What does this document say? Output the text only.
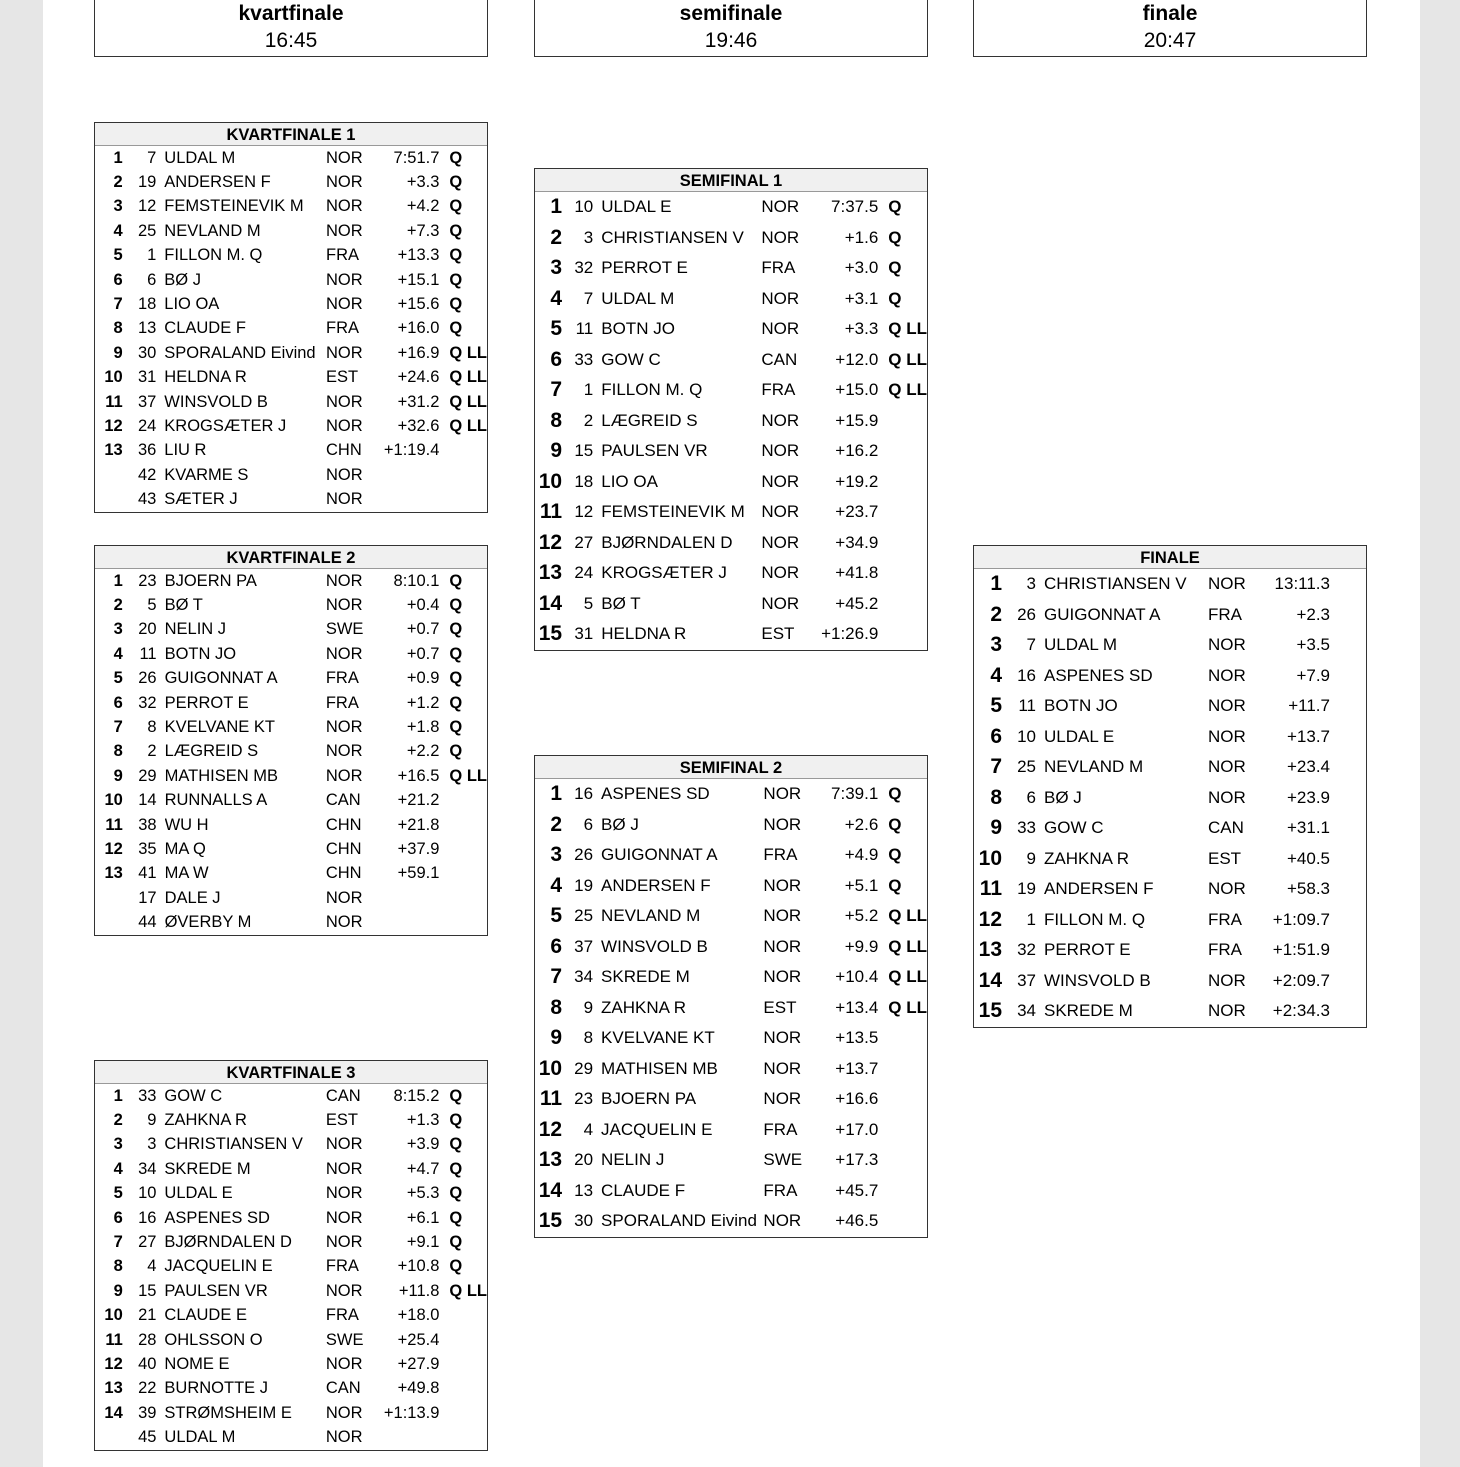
kvartfinale
16:45
semifinale
19:46
finale
20:47
KVARTFINALE 1
1	7	ULDAL M	NOR	7:51.7	Q
2	19	ANDERSEN F	NOR	+3.3	Q
3	12	FEMSTEINEVIK M	NOR	+4.2	Q
4	25	NEVLAND M	NOR	+7.3	Q
5	1	FILLON M. Q	FRA	+13.3	Q
6	6	BØ J	NOR	+15.1	Q
7	18	LIO OA	NOR	+15.6	Q
8	13	CLAUDE F	FRA	+16.0	Q
9	30	SPORALAND Eivind	NOR	+16.9	Q LL
10	31	HELDNA R	EST	+24.6	Q LL
11	37	WINSVOLD B	NOR	+31.2	Q LL
12	24	KROGSÆTER J	NOR	+32.6	Q LL
13	36	LIU R	CHN	+1:19.4	
	42	KVARME S	NOR		
	43	SÆTER J	NOR		
KVARTFINALE 2
1	23	BJOERN PA	NOR	8:10.1	Q
2	5	BØ T	NOR	+0.4	Q
3	20	NELIN J	SWE	+0.7	Q
4	11	BOTN JO	NOR	+0.7	Q
5	26	GUIGONNAT A	FRA	+0.9	Q
6	32	PERROT E	FRA	+1.2	Q
7	8	KVELVANE KT	NOR	+1.8	Q
8	2	LÆGREID S	NOR	+2.2	Q
9	29	MATHISEN MB	NOR	+16.5	Q LL
10	14	RUNNALLS A	CAN	+21.2	
11	38	WU H	CHN	+21.8	
12	35	MA Q	CHN	+37.9	
13	41	MA W	CHN	+59.1	
	17	DALE J	NOR		
	44	ØVERBY M	NOR		
KVARTFINALE 3
1	33	GOW C	CAN	8:15.2	Q
2	9	ZAHKNA R	EST	+1.3	Q
3	3	CHRISTIANSEN V	NOR	+3.9	Q
4	34	SKREDE M	NOR	+4.7	Q
5	10	ULDAL E	NOR	+5.3	Q
6	16	ASPENES SD	NOR	+6.1	Q
7	27	BJØRNDALEN D	NOR	+9.1	Q
8	4	JACQUELIN E	FRA	+10.8	Q
9	15	PAULSEN VR	NOR	+11.8	Q LL
10	21	CLAUDE E	FRA	+18.0	
11	28	OHLSSON O	SWE	+25.4	
12	40	NOME E	NOR	+27.9	
13	22	BURNOTTE J	CAN	+49.8	
14	39	STRØMSHEIM E	NOR	+1:13.9	
	45	ULDAL M	NOR		
SEMIFINAL 1
1	10	ULDAL E	NOR	7:37.5	Q
2	3	CHRISTIANSEN V	NOR	+1.6	Q
3	32	PERROT E	FRA	+3.0	Q
4	7	ULDAL M	NOR	+3.1	Q
5	11	BOTN JO	NOR	+3.3	Q LL
6	33	GOW C	CAN	+12.0	Q LL
7	1	FILLON M. Q	FRA	+15.0	Q LL
8	2	LÆGREID S	NOR	+15.9	
9	15	PAULSEN VR	NOR	+16.2	
10	18	LIO OA	NOR	+19.2	
11	12	FEMSTEINEVIK M	NOR	+23.7	
12	27	BJØRNDALEN D	NOR	+34.9	
13	24	KROGSÆTER J	NOR	+41.8	
14	5	BØ T	NOR	+45.2	
15	31	HELDNA R	EST	+1:26.9	
SEMIFINAL 2
1	16	ASPENES SD	NOR	7:39.1	Q
2	6	BØ J	NOR	+2.6	Q
3	26	GUIGONNAT A	FRA	+4.9	Q
4	19	ANDERSEN F	NOR	+5.1	Q
5	25	NEVLAND M	NOR	+5.2	Q LL
6	37	WINSVOLD B	NOR	+9.9	Q LL
7	34	SKREDE M	NOR	+10.4	Q LL
8	9	ZAHKNA R	EST	+13.4	Q LL
9	8	KVELVANE KT	NOR	+13.5	
10	29	MATHISEN MB	NOR	+13.7	
11	23	BJOERN PA	NOR	+16.6	
12	4	JACQUELIN E	FRA	+17.0	
13	20	NELIN J	SWE	+17.3	
14	13	CLAUDE F	FRA	+45.7	
15	30	SPORALAND Eivind	NOR	+46.5	
FINALE
1	3	CHRISTIANSEN V	NOR	13:11.3	
2	26	GUIGONNAT A	FRA	+2.3	
3	7	ULDAL M	NOR	+3.5	
4	16	ASPENES SD	NOR	+7.9	
5	11	BOTN JO	NOR	+11.7	
6	10	ULDAL E	NOR	+13.7	
7	25	NEVLAND M	NOR	+23.4	
8	6	BØ J	NOR	+23.9	
9	33	GOW C	CAN	+31.1	
10	9	ZAHKNA R	EST	+40.5	
11	19	ANDERSEN F	NOR	+58.3	
12	1	FILLON M. Q	FRA	+1:09.7	
13	32	PERROT E	FRA	+1:51.9	
14	37	WINSVOLD B	NOR	+2:09.7	
15	34	SKREDE M	NOR	+2:34.3	
